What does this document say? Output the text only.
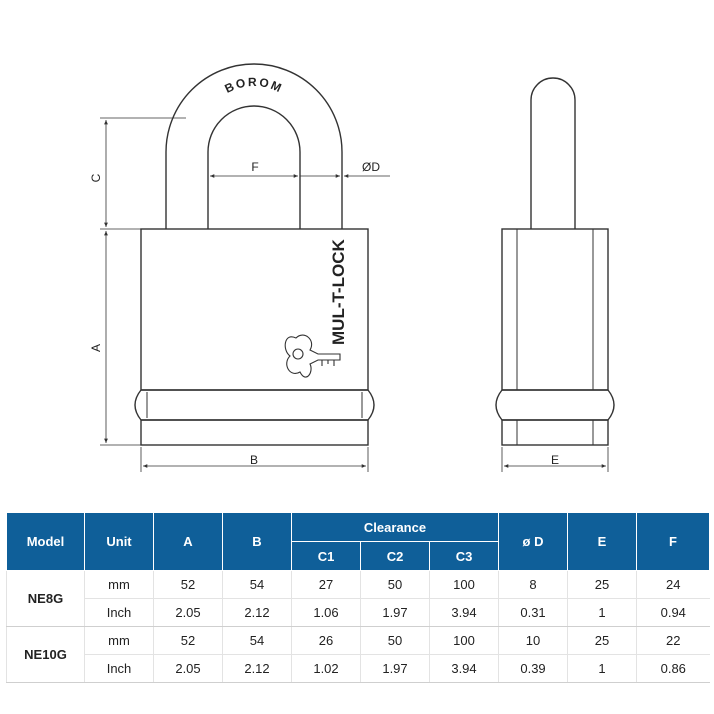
BOROM
MUL-T-LOCK
C
A
B
F	ØD
E
Model	Unit	A	B	Clearance			ø D	E	F
				C1	C2	C3			
NE8G	mm	52	54	27	50	100	8	25	24
	Inch	2.05	2.12	1.06	1.97	3.94	0.31	1	0.94
NE10G	mm	52	54	26	50	100	10	25	22
	Inch	2.05	2.12	1.02	1.97	3.94	0.39	1	0.86
